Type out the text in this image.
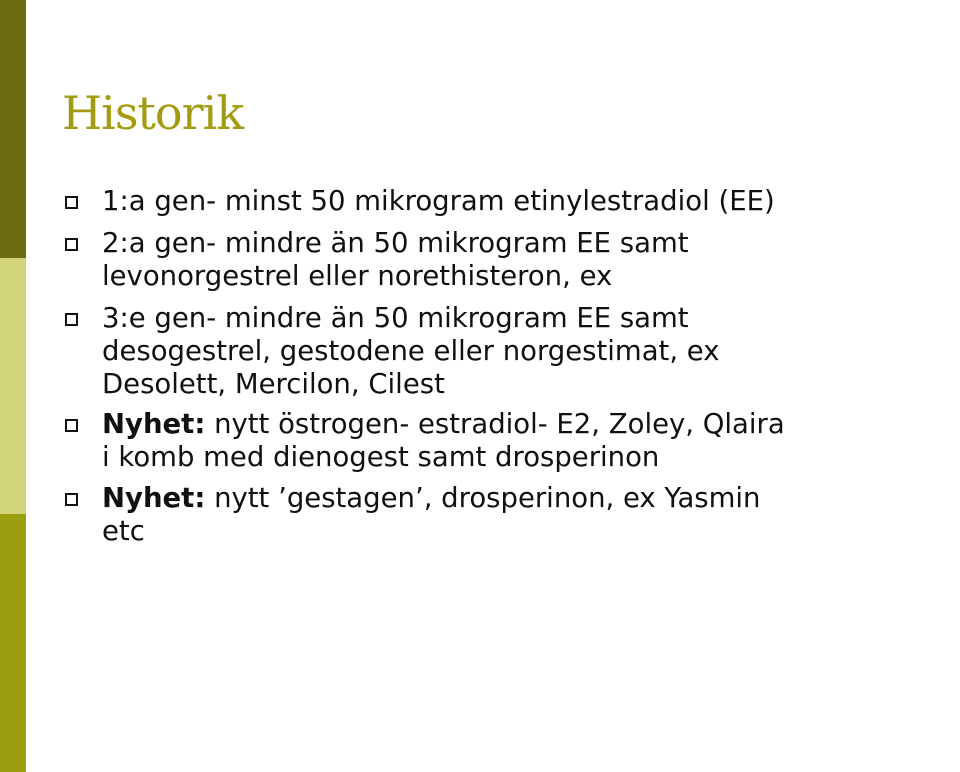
Historik
1:a gen- minst 50 mikrogram etinylestradiol (EE)
2:a gen- mindre än 50 mikrogram EE samt
levonorgestrel eller norethisteron, ex
3:e gen- mindre än 50 mikrogram EE samt
desogestrel, gestodene eller norgestimat, ex
Desolett, Mercilon, Cilest
Nyhet: nytt östrogen- estradiol- E2, Zoley, Qlaira
i komb med dienogest samt drosperinon
Nyhet: nytt ’gestagen’, drosperinon, ex Yasmin
etc
